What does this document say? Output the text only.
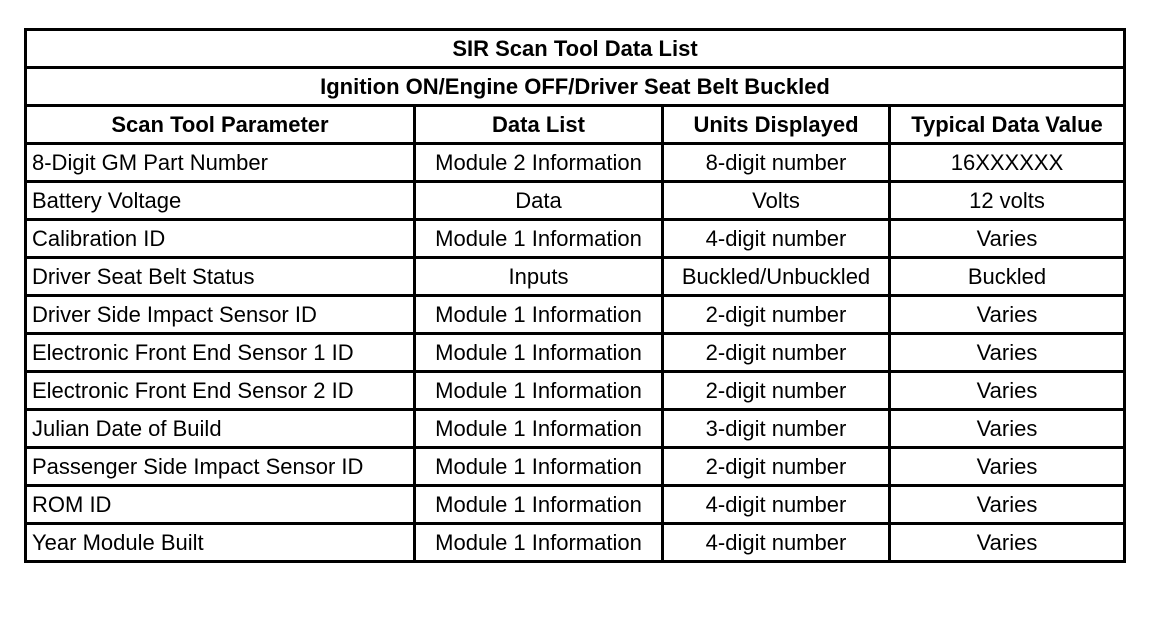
SIR Scan Tool Data List			
Ignition ON/Engine OFF/Driver Seat Belt Buckled			
Scan Tool Parameter	Data List	Units Displayed	Typical Data Value
8-Digit GM Part Number	Module 2 Information	8-digit number	16XXXXXX
Battery Voltage	Data	Volts	12 volts
Calibration ID	Module 1 Information	4-digit number	Varies
Driver Seat Belt Status	Inputs	Buckled/Unbuckled	Buckled
Driver Side Impact Sensor ID	Module 1 Information	2-digit number	Varies
Electronic Front End Sensor 1 ID	Module 1 Information	2-digit number	Varies
Electronic Front End Sensor 2 ID	Module 1 Information	2-digit number	Varies
Julian Date of Build	Module 1 Information	3-digit number	Varies
Passenger Side Impact Sensor ID	Module 1 Information	2-digit number	Varies
ROM ID	Module 1 Information	4-digit number	Varies
Year Module Built	Module 1 Information	4-digit number	Varies
